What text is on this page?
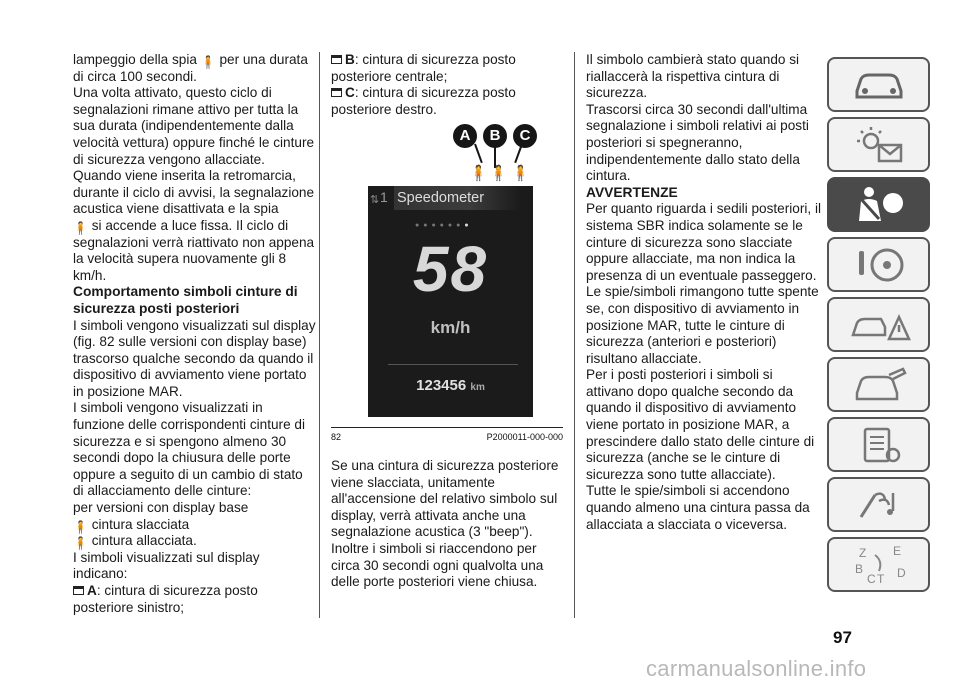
lampeggio della spia 🧍 per una durata di circa 100 secondi.

Una volta attivato, questo ciclo di segnalazioni rimane attivo per tutta la sua durata (indipendentemente dalla velocità vettura) oppure finché le cinture di sicurezza vengono allacciate.

Quando viene inserita la retromarcia, durante il ciclo di avvisi, la segnalazione acustica viene disattivata e la spia
🧍 si accende a luce fissa. Il ciclo di segnalazioni verrà riattivato non appena la velocità supera nuovamente gli 8 km/h.

Comportamento simboli cinture di sicurezza posti posteriori

I simboli vengono visualizzati sul display (fig. 82 sulle versioni con display base) trascorso qualche secondo da quando il dispositivo di avviamento viene portato in posizione MAR.

I simboli vengono visualizzati in funzione delle corrispondenti cinture di sicurezza e si spengono almeno 30 secondi dopo la chiusura delle porte oppure a seguito di un cambio di stato di allacciamento delle cinture:

per versioni con display base

🧍 cintura slacciata

🧍 cintura allacciata.

I simboli visualizzati sul display indicano:

A: cintura di sicurezza posto posteriore sinistro;

B: cintura di sicurezza posto posteriore centrale;

C: cintura di sicurezza posto posteriore destro.

A	B	C
🧍 🧍 🧍
⇅ 1 Speedometer
●●●●●●●
58
km/h
123456 km
82	P2000011-000-000

Se una cintura di sicurezza posteriore viene slacciata, unitamente all'accensione del relativo simbolo sul display, verrà attivata anche una segnalazione acustica (3 "beep").

Inoltre i simboli si riaccendono per circa 30 secondi ogni qualvolta una delle porte posteriori viene chiusa.

Il simbolo cambierà stato quando si riallaccerà la rispettiva cintura di sicurezza.

Trascorsi circa 30 secondi dall'ultima segnalazione i simboli relativi ai posti posteriori si spegneranno, indipendentemente dallo stato della cintura.

AVVERTENZE

Per quanto riguarda i sedili posteriori, il sistema SBR indica solamente se le cinture di sicurezza sono slacciate oppure allacciate, ma non indica la presenza di un eventuale passeggero.

Le spie/simboli rimangono tutte spente se, con dispositivo di avviamento in posizione MAR, tutte le cinture di sicurezza (anteriori e posteriori) risultano allacciate.

Per i posti posteriori i simboli si attivano dopo qualche secondo da quando il dispositivo di avviamento viene portato in posizione MAR, a prescindere dallo stato delle cinture di sicurezza (anche se le cinture di sicurezza sono tutte allacciate).

Tutte le spie/simboli si accendono quando almeno una cintura passa da allacciata a slacciata o viceversa.

Z E
B
C T D
97
carmanualsonline.info
